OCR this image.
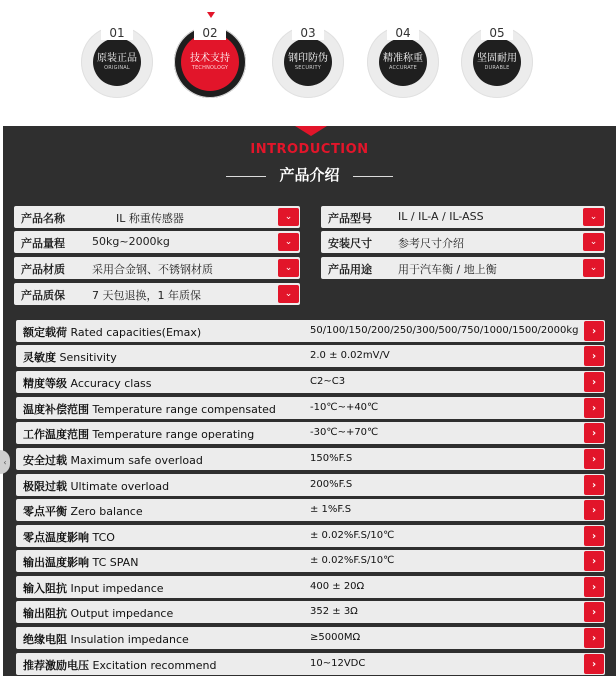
原装正品
ORIGINAL
01
技术支持
TECHNOLOGY
02
钢印防伪
SECURITY
03
精准称重
ACCURATE
04
坚固耐用
DURABLE
05
INTRODUCTION
产品介绍
产品名称	IL 称重传感器	⌄	产品型号 IL / IL-A / IL-ASS	⌄
产品量程 50kg~2000kg	⌄	安装尺寸 参考尺寸介绍	⌄
产品材质 采用合金钢、不锈钢材质	⌄	产品用途 用于汽车衡 / 地上衡	⌄
产品质保 7 天包退换，1 年质保	⌄
额定载荷 Rated capacities(Emax)	50/100/150/200/250/300/500/750/1000/1500/2000kg	›
灵敏度 Sensitivity	2.0 ± 0.02mV/V	›
精度等级 Accuracy class	C2~C3	›
温度补偿范围 Temperature range compensated	-10℃~+40℃	›
工作温度范围 Temperature range operating	-30℃~+70℃	›
安全过载 Maximum safe overload	150%F.S	›
极限过载 Ultimate overload	200%F.S	›
零点平衡 Zero balance	± 1%F.S	›
零点温度影响 TCO	± 0.02%F.S/10℃	›
输出温度影响 TC SPAN	± 0.02%F.S/10℃	›
输入阻抗 Input impedance	400 ± 20Ω	›
输出阻抗 Output impedance	352 ± 3Ω	›
绝缘电阻 Insulation impedance	≥5000MΩ	›
推荐激励电压 Excitation recommend	10~12VDC	›
‹
